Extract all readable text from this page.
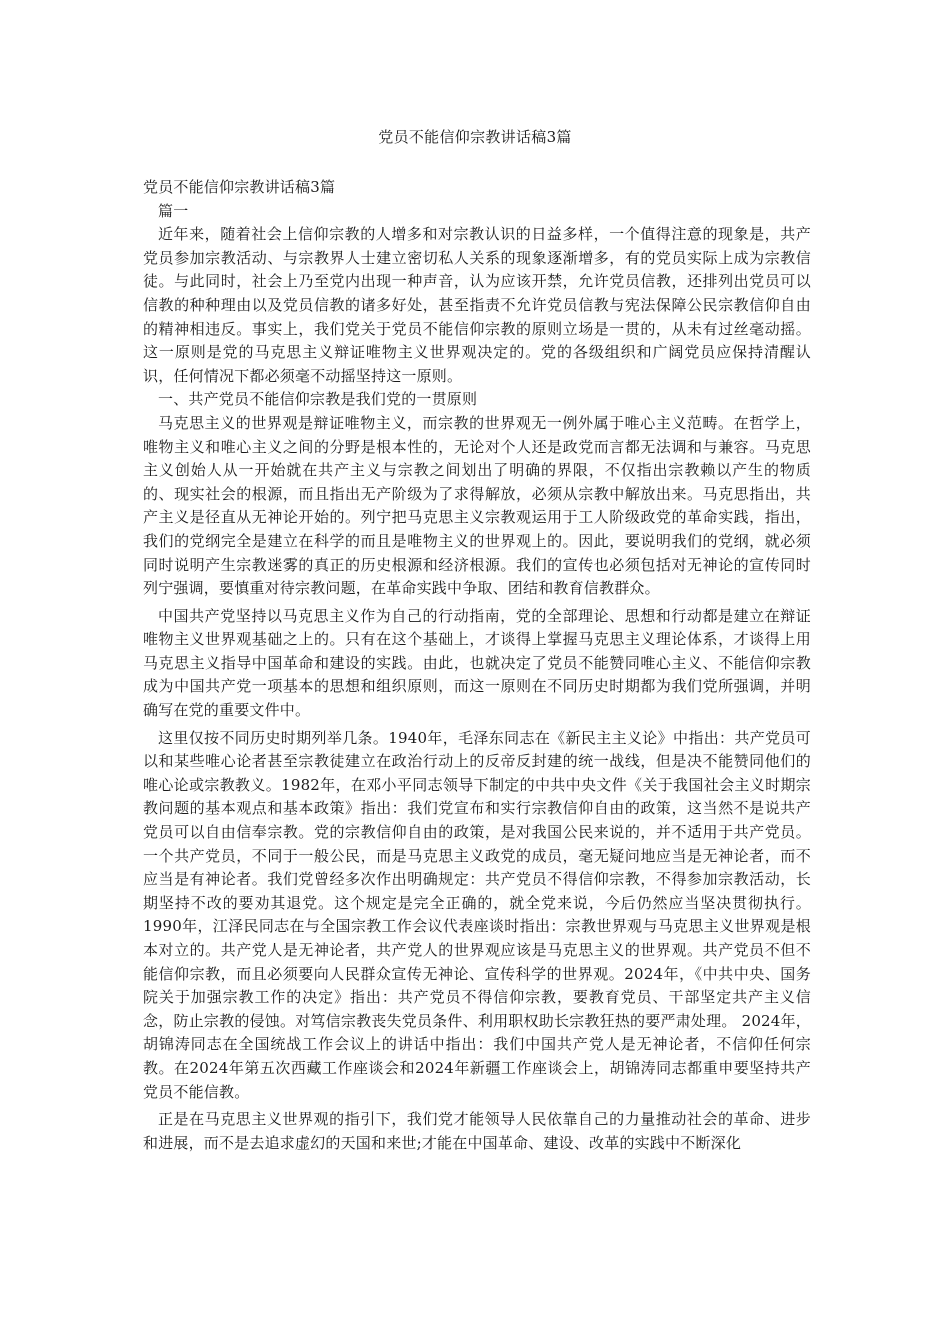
党员不能信仰宗教讲话稿3篇

党员不能信仰宗教讲话稿3篇

篇一

近年来，随着社会上信仰宗教的人增多和对宗教认识的日益多样，一个值得注意的现象是，共产党员参加宗教活动、与宗教界人士建立密切私人关系的现象逐渐增多，有的党员实际上成为宗教信徒。与此同时，社会上乃至党内出现一种声音，认为应该开禁，允许党员信教，还排列出党员可以信教的种种理由以及党员信教的诸多好处，甚至指责不允许党员信教与宪法保障公民宗教信仰自由的精神相违反。事实上，我们党关于党员不能信仰宗教的原则立场是一贯的，从未有过丝毫动摇。这一原则是党的马克思主义辩证唯物主义世界观决定的。党的各级组织和广阔党员应保持清醒认识，任何情况下都必须毫不动摇坚持这一原则。

一、共产党员不能信仰宗教是我们党的一贯原则

马克思主义的世界观是辩证唯物主义，而宗教的世界观无一例外属于唯心主义范畴。在哲学上，唯物主义和唯心主义之间的分野是根本性的，无论对个人还是政党而言都无法调和与兼容。马克思主义创始人从一开始就在共产主义与宗教之间划出了明确的界限，不仅指出宗教赖以产生的物质的、现实社会的根源，而且指出无产阶级为了求得解放，必须从宗教中解放出来。马克思指出，共产主义是径直从无神论开始的。列宁把马克思主义宗教观运用于工人阶级政党的革命实践，指出，我们的党纲完全是建立在科学的而且是唯物主义的世界观上的。因此，要说明我们的党纲，就必须同时说明产生宗教迷雾的真正的历史根源和经济根源。我们的宣传也必须包括对无神论的宣传同时列宁强调，要慎重对待宗教问题，在革命实践中争取、团结和教育信教群众。

中国共产党坚持以马克思主义作为自己的行动指南，党的全部理论、思想和行动都是建立在辩证唯物主义世界观基础之上的。只有在这个基础上，才谈得上掌握马克思主义理论体系，才谈得上用马克思主义指导中国革命和建设的实践。由此，也就决定了党员不能赞同唯心主义、不能信仰宗教成为中国共产党一项基本的思想和组织原则，而这一原则在不同历史时期都为我们党所强调，并明确写在党的重要文件中。

这里仅按不同历史时期列举几条。1940年，毛泽东同志在《新民主主义论》中指出：共产党员可以和某些唯心论者甚至宗教徒建立在政治行动上的反帝反封建的统一战线，但是决不能赞同他们的唯心论或宗教教义。1982年，在邓小平同志领导下制定的中共中央文件《关于我国社会主义时期宗教问题的基本观点和基本政策》指出：我们党宣布和实行宗教信仰自由的政策，这当然不是说共产党员可以自由信奉宗教。党的宗教信仰自由的政策，是对我国公民来说的，并不适用于共产党员。一个共产党员，不同于一般公民，而是马克思主义政党的成员，毫无疑问地应当是无神论者，而不应当是有神论者。我们党曾经多次作出明确规定：共产党员不得信仰宗教，不得参加宗教活动，长期坚持不改的要劝其退党。这个规定是完全正确的，就全党来说，今后仍然应当坚决贯彻执行。1990年，江泽民同志在与全国宗教工作会议代表座谈时指出：宗教世界观与马克思主义世界观是根本对立的。共产党人是无神论者，共产党人的世界观应该是马克思主义的世界观。共产党员不但不能信仰宗教，而且必须要向人民群众宣传无神论、宣传科学的世界观。2024年，《中共中央、国务院关于加强宗教工作的决定》指出：共产党员不得信仰宗教，要教育党员、干部坚定共产主义信念，防止宗教的侵蚀。对笃信宗教丧失党员条件、利用职权助长宗教狂热的要严肃处理。 2024年，胡锦涛同志在全国统战工作会议上的讲话中指出：我们中国共产党人是无神论者，不信仰任何宗教。在2024年第五次西藏工作座谈会和2024年新疆工作座谈会上，胡锦涛同志都重申要坚持共产党员不能信教。

正是在马克思主义世界观的指引下，我们党才能领导人民依靠自己的力量推动社会的革命、进步和进展，而不是去追求虚幻的天国和来世;才能在中国革命、建设、改革的实践中不断深化
